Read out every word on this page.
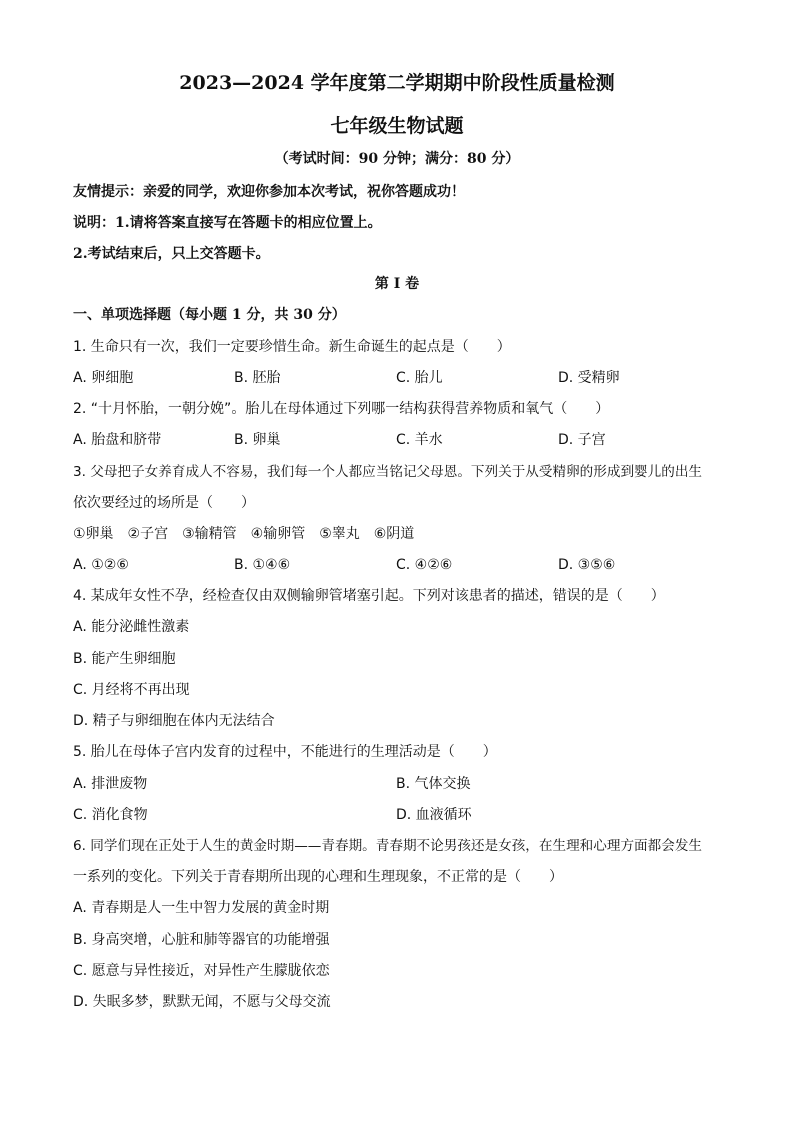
2023—2024 学年度第二学期期中阶段性质量检测
七年级生物试题
（考试时间：90 分钟；满分：80 分）
友情提示：亲爱的同学，欢迎你参加本次考试，祝你答题成功！
说明：1.请将答案直接写在答题卡的相应位置上。
2.考试结束后，只上交答题卡。
第 I 卷
一、单项选择题（每小题 1 分，共 30 分）
1. 生命只有一次，我们一定要珍惜生命。新生命诞生的起点是（　　）
A. 卵细胞	B. 胚胎	C. 胎儿	D. 受精卵
2. “十月怀胎，一朝分娩”。胎儿在母体通过下列哪一结构获得营养物质和氧气（　　）
A. 胎盘和脐带	B. 卵巢	C. 羊水	D. 子宫
3. 父母把子女养育成人不容易，我们每一个人都应当铭记父母恩。下列关于从受精卵的形成到婴儿的出生
依次要经过的场所是（　　）
①卵巢　②子宫　③输精管　④输卵管　⑤睾丸　⑥阴道
A. ①②⑥	B. ①④⑥	C. ④②⑥	D. ③⑤⑥
4. 某成年女性不孕，经检查仅由双侧输卵管堵塞引起。下列对该患者的描述，错误的是（　　）
A. 能分泌雌性激素
B. 能产生卵细胞
C. 月经将不再出现
D. 精子与卵细胞在体内无法结合
5. 胎儿在母体子宫内发育的过程中，不能进行的生理活动是（　　）
A. 排泄废物	B. 气体交换
C. 消化食物	D. 血液循环
6. 同学们现在正处于人生的黄金时期——青春期。青春期不论男孩还是女孩，在生理和心理方面都会发生
一系列的变化。下列关于青春期所出现的心理和生理现象，不正常的是（　　）
A. 青春期是人一生中智力发展的黄金时期
B. 身高突增，心脏和肺等器官的功能增强
C. 愿意与异性接近，对异性产生朦胧依恋
D. 失眠多梦，默默无闻，不愿与父母交流
